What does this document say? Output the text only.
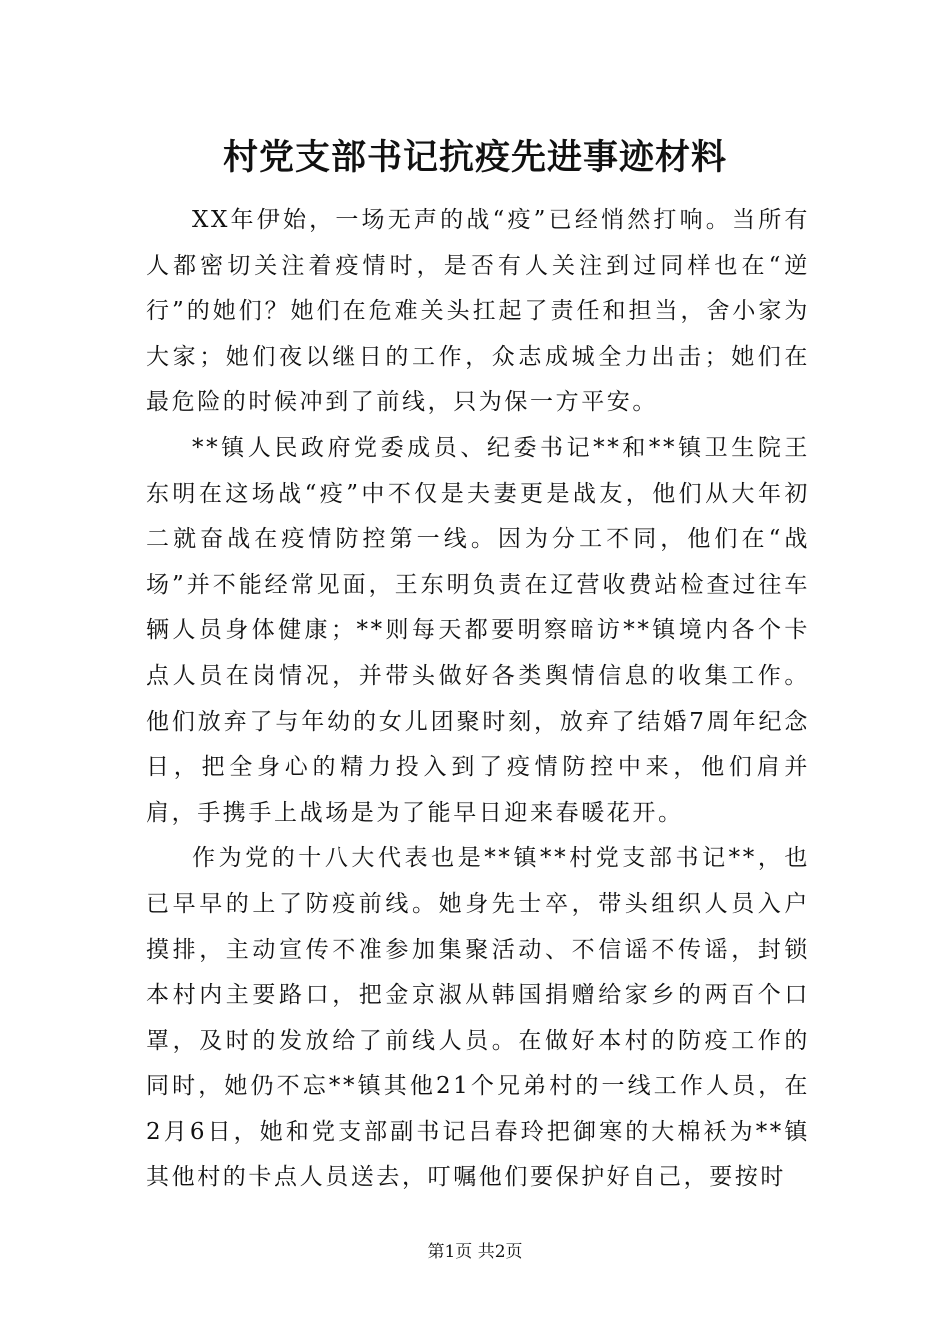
村党支部书记抗疫先进事迹材料

XX年伊始，一场无声的战“疫”已经悄然打响。当所有人都密切关注着疫情时，是否有人关注到过同样也在“逆行”的她们？她们在危难关头扛起了责任和担当，舍小家为大家；她们夜以继日的工作，众志成城全力出击；她们在最危险的时候冲到了前线，只为保一方平安。

**镇人民政府党委成员、纪委书记**和**镇卫生院王东明在这场战“疫”中不仅是夫妻更是战友，他们从大年初二就奋战在疫情防控第一线。因为分工不同，他们在“战场”并不能经常见面，王东明负责在辽营收费站检查过往车辆人员身体健康；**则每天都要明察暗访**镇境内各个卡点人员在岗情况，并带头做好各类舆情信息的收集工作。他们放弃了与年幼的女儿团聚时刻，放弃了结婚7周年纪念日，把全身心的精力投入到了疫情防控中来，他们肩并肩，手携手上战场是为了能早日迎来春暖花开。

作为党的十八大代表也是**镇**村党支部书记**，也已早早的上了防疫前线。她身先士卒，带头组织人员入户摸排，主动宣传不准参加集聚活动、不信谣不传谣，封锁本村内主要路口，把金京淑从韩国捐赠给家乡的两百个口罩，及时的发放给了前线人员。在做好本村的防疫工作的同时，她仍不忘**镇其他21个兄弟村的一线工作人员，在2月6日，她和党支部副书记吕春玲把御寒的大棉袄为**镇其他村的卡点人员送去，叮嘱他们要保护好自己，要按时

第1页 共2页
